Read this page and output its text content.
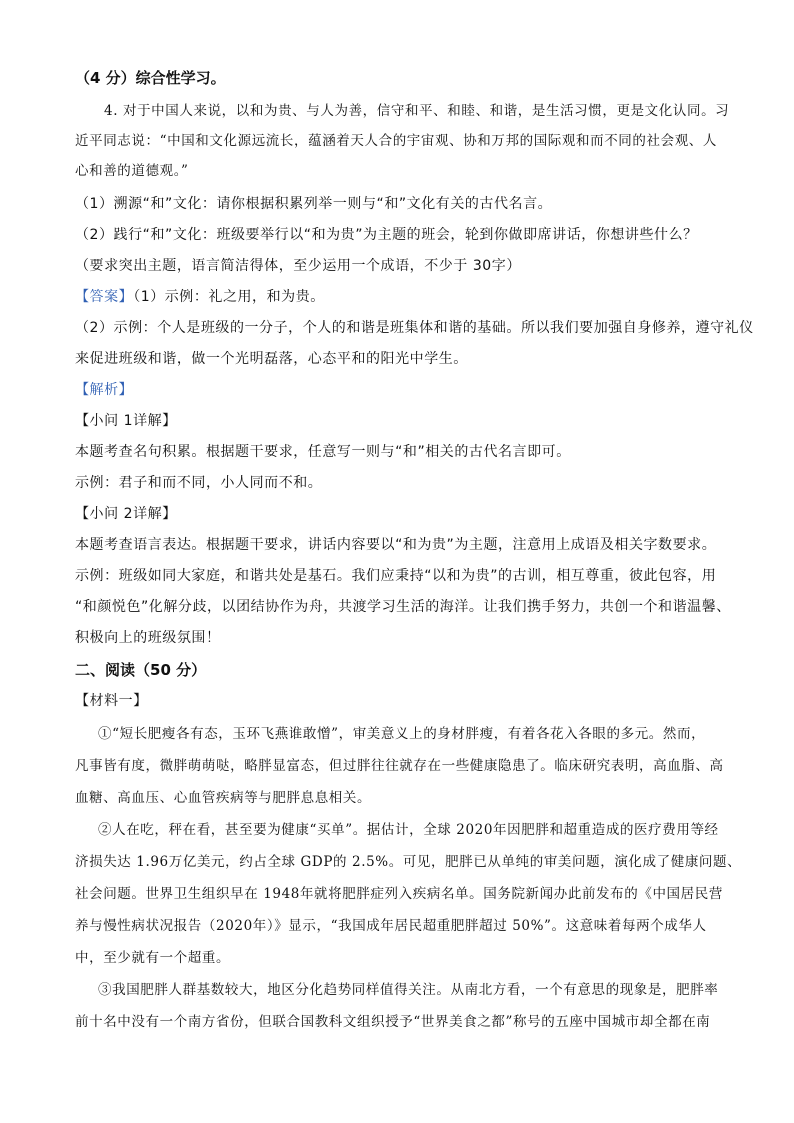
（4 分）综合性学习。
4. 对于中国人来说，以和为贵、与人为善，信守和平、和睦、和谐，是生活习惯，更是文化认同。习
近平同志说：“中国和文化源远流长，蕴涵着天人合的宇宙观、协和万邦的国际观和而不同的社会观、人
心和善的道德观。”
（1）溯源“和”文化：请你根据积累列举一则与“和”文化有关的古代名言。
（2）践行“和”文化：班级要举行以“和为贵”为主题的班会，轮到你做即席讲话，你想讲些什么？
（要求突出主题，语言简洁得体，至少运用一个成语，不少于 30字）
【答案】（1）示例：礼之用，和为贵。
（2）示例：个人是班级的一分子，个人的和谐是班集体和谐的基础。所以我们要加强自身修养，遵守礼仪
来促进班级和谐，做一个光明磊落，心态平和的阳光中学生。
【解析】
【小问 1详解】
本题考查名句积累。根据题干要求，任意写一则与“和”相关的古代名言即可。
示例：君子和而不同，小人同而不和。
【小问 2详解】
本题考查语言表达。根据题干要求，讲话内容要以“和为贵”为主题，注意用上成语及相关字数要求。
示例：班级如同大家庭，和谐共处是基石。我们应秉持“以和为贵”的古训，相互尊重，彼此包容，用
“和颜悦色”化解分歧，以团结协作为舟，共渡学习生活的海洋。让我们携手努力，共创一个和谐温馨、
积极向上的班级氛围！
二、阅读（50 分）
【材料一】
①“短长肥瘦各有态，玉环飞燕谁敢憎”，审美意义上的身材胖瘦，有着各花入各眼的多元。然而，
凡事皆有度，微胖萌萌哒，略胖显富态，但过胖往往就存在一些健康隐患了。临床研究表明，高血脂、高
血糖、高血压、心血管疾病等与肥胖息息相关。
②人在吃，秤在看，甚至要为健康“买单”。据估计，全球 2020年因肥胖和超重造成的医疗费用等经
济损失达 1.96万亿美元，约占全球 GDP的 2.5%。可见，肥胖已从单纯的审美问题，演化成了健康问题、
社会问题。世界卫生组织早在 1948年就将肥胖症列入疾病名单。国务院新闻办此前发布的《中国居民营
养与慢性病状况报告（2020年）》显示，“我国成年居民超重肥胖超过 50%”。这意味着每两个成华人
中，至少就有一个超重。
③我国肥胖人群基数较大，地区分化趋势同样值得关注。从南北方看，一个有意思的现象是，肥胖率
前十名中没有一个南方省份，但联合国教科文组织授予“世界美食之都”称号的五座中国城市却全都在南
